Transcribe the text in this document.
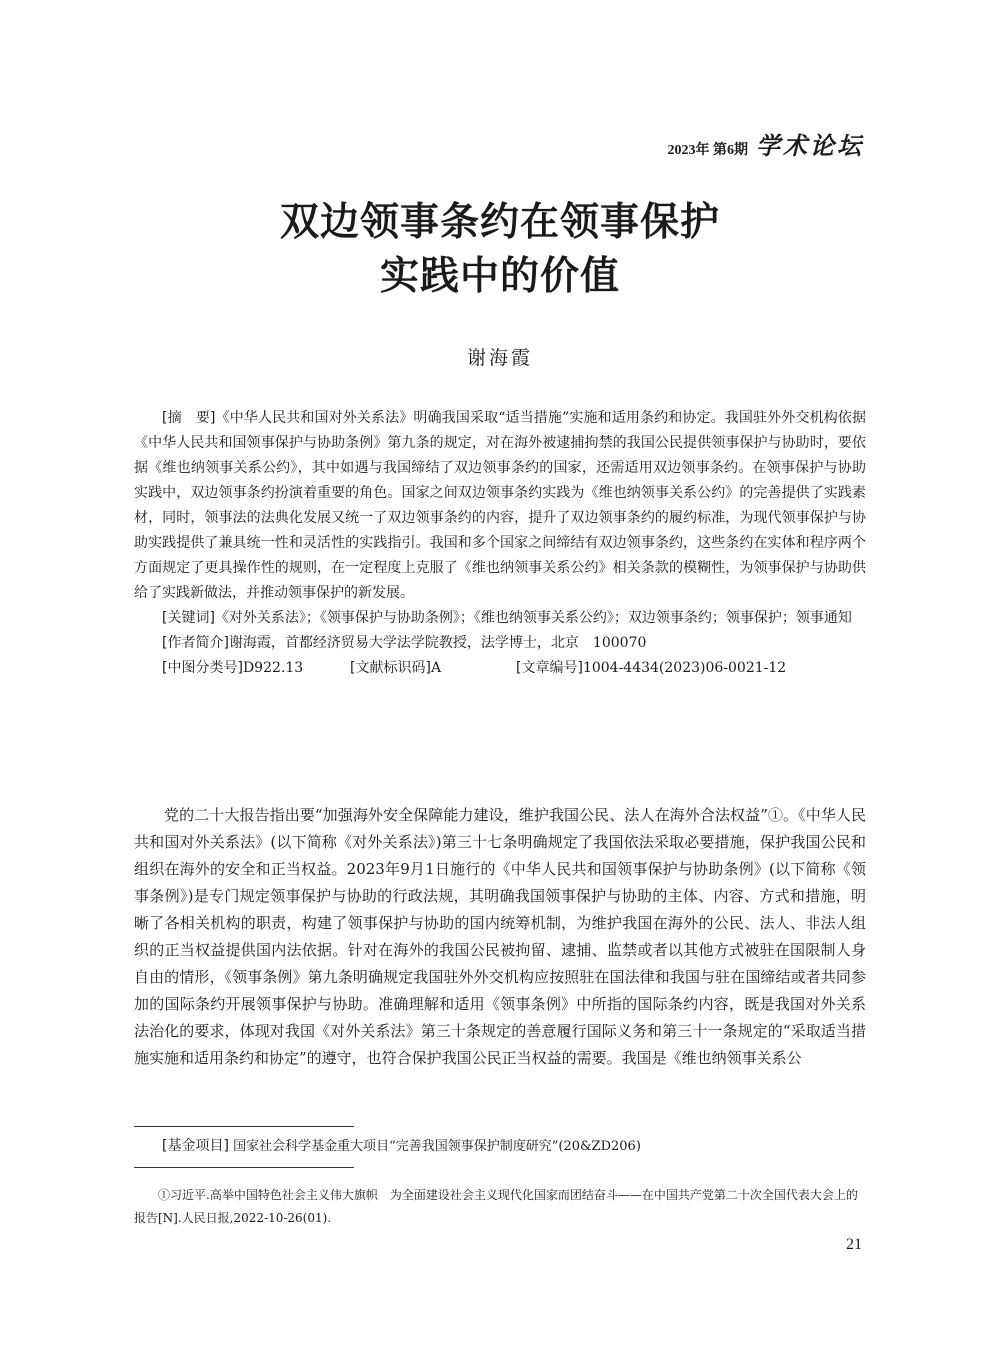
2023年 第6期 学术论坛
双边领事条约在领事保护
实践中的价值
谢海霞

[摘　要]《中华人民共和国对外关系法》明确我国采取“适当措施”实施和适用条约和协定。我国驻外外交机构依据《中华人民共和国领事保护与协助条例》第九条的规定，对在海外被逮捕拘禁的我国公民提供领事保护与协助时，要依据《维也纳领事关系公约》，其中如遇与我国缔结了双边领事条约的国家，还需适用双边领事条约。在领事保护与协助实践中，双边领事条约扮演着重要的角色。国家之间双边领事条约实践为《维也纳领事关系公约》的完善提供了实践素材，同时，领事法的法典化发展又统一了双边领事条约的内容，提升了双边领事条约的履约标准，为现代领事保护与协助实践提供了兼具统一性和灵活性的实践指引。我国和多个国家之间缔结有双边领事条约，这些条约在实体和程序两个方面规定了更具操作性的规则，在一定程度上克服了《维也纳领事关系公约》相关条款的模糊性，为领事保护与协助供给了实践新做法，并推动领事保护的新发展。

[关键词]《对外关系法》；《领事保护与协助条例》；《维也纳领事关系公约》；双边领事条约；领事保护；领事通知

[作者简介]谢海霞，首都经济贸易大学法学院教授，法学博士，北京　100070

[中图分类号]D922.13	[文献标识码]A	[文章编号]1004-4434(2023)06-0021-12

党的二十大报告指出要“加强海外安全保障能力建设，维护我国公民、法人在海外合法权益”①。《中华人民共和国对外关系法》(以下简称《对外关系法》)第三十七条明确规定了我国依法采取必要措施，保护我国公民和组织在海外的安全和正当权益。2023年9月1日施行的《中华人民共和国领事保护与协助条例》(以下简称《领事条例》)是专门规定领事保护与协助的行政法规，其明确我国领事保护与协助的主体、内容、方式和措施，明晰了各相关机构的职责，构建了领事保护与协助的国内统筹机制，为维护我国在海外的公民、法人、非法人组织的正当权益提供国内法依据。针对在海外的我国公民被拘留、逮捕、监禁或者以其他方式被驻在国限制人身自由的情形，《领事条例》第九条明确规定我国驻外外交机构应按照驻在国法律和我国与驻在国缔结或者共同参加的国际条约开展领事保护与协助。准确理解和适用《领事条例》中所指的国际条约内容，既是我国对外关系法治化的要求，体现对我国《对外关系法》第三十条规定的善意履行国际义务和第三十一条规定的“采取适当措施实施和适用条约和协定”的遵守，也符合保护我国公民正当权益的需要。我国是《维也纳领事关系公

[基金项目] 国家社会科学基金重大项目“完善我国领事保护制度研究”(20&ZD206)

①习近平.高举中国特色社会主义伟大旗帜　为全面建设社会主义现代化国家而团结奋斗——在中国共产党第二十次全国代表大会上的报告[N].人民日报,2022-10-26(01).

21
